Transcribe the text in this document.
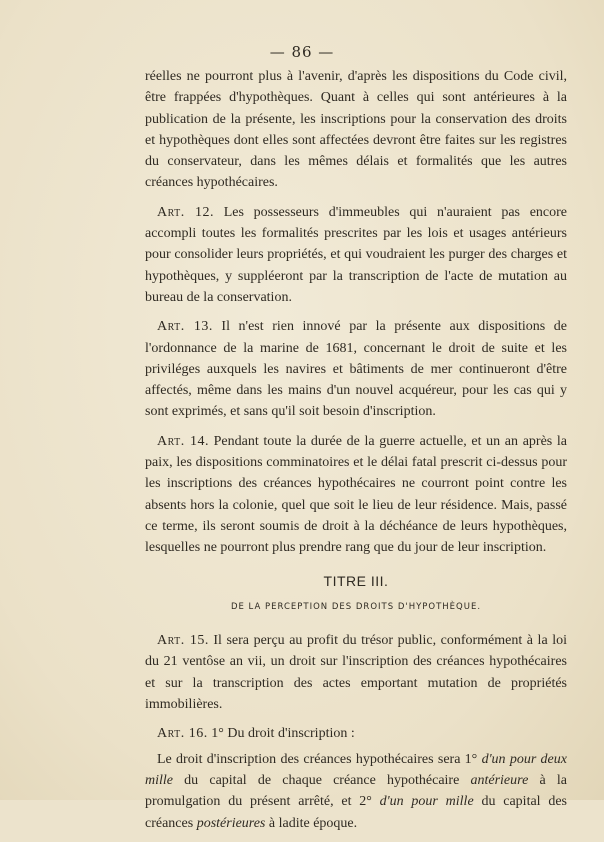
— 86 —

réelles ne pourront plus à l'avenir, d'après les dispositions du Code civil, être frappées d'hypothèques. Quant à celles qui sont antérieures à la publication de la présente, les inscriptions pour la conservation des droits et hypothèques dont elles sont affectées devront être faites sur les registres du conservateur, dans les mêmes délais et formalités que les autres créances hypothécaires.

Art. 12. Les possesseurs d'immeubles qui n'auraient pas encore accompli toutes les formalités prescrites par les lois et usages antérieurs pour consolider leurs propriétés, et qui voudraient les purger des charges et hypothèques, y suppléeront par la transcription de l'acte de mutation au bureau de la conservation.

Art. 13. Il n'est rien innové par la présente aux dispositions de l'ordonnance de la marine de 1681, concernant le droit de suite et les priviléges auxquels les navires et bâtiments de mer continueront d'être affectés, même dans les mains d'un nouvel acquéreur, pour les cas qui y sont exprimés, et sans qu'il soit besoin d'inscription.

Art. 14. Pendant toute la durée de la guerre actuelle, et un an après la paix, les dispositions comminatoires et le délai fatal prescrit ci-dessus pour les inscriptions des créances hypothécaires ne courront point contre les absents hors la colonie, quel que soit le lieu de leur résidence. Mais, passé ce terme, ils seront soumis de droit à la déchéance de leurs hypothèques, lesquelles ne pourront plus prendre rang que du jour de leur inscription.

TITRE III.
DE LA PERCEPTION DES DROITS D'HYPOTHÈQUE.

Art. 15. Il sera perçu au profit du trésor public, conformément à la loi du 21 ventôse an vii, un droit sur l'inscription des créances hypothécaires et sur la transcription des actes emportant mutation de propriétés immobilières.

Art. 16. 1° Du droit d'inscription :

Le droit d'inscription des créances hypothécaires sera 1° d'un pour deux mille du capital de chaque créance hypothécaire antérieure à la promulgation du présent arrêté, et 2° d'un pour mille du capital des créances postérieures à ladite époque.
